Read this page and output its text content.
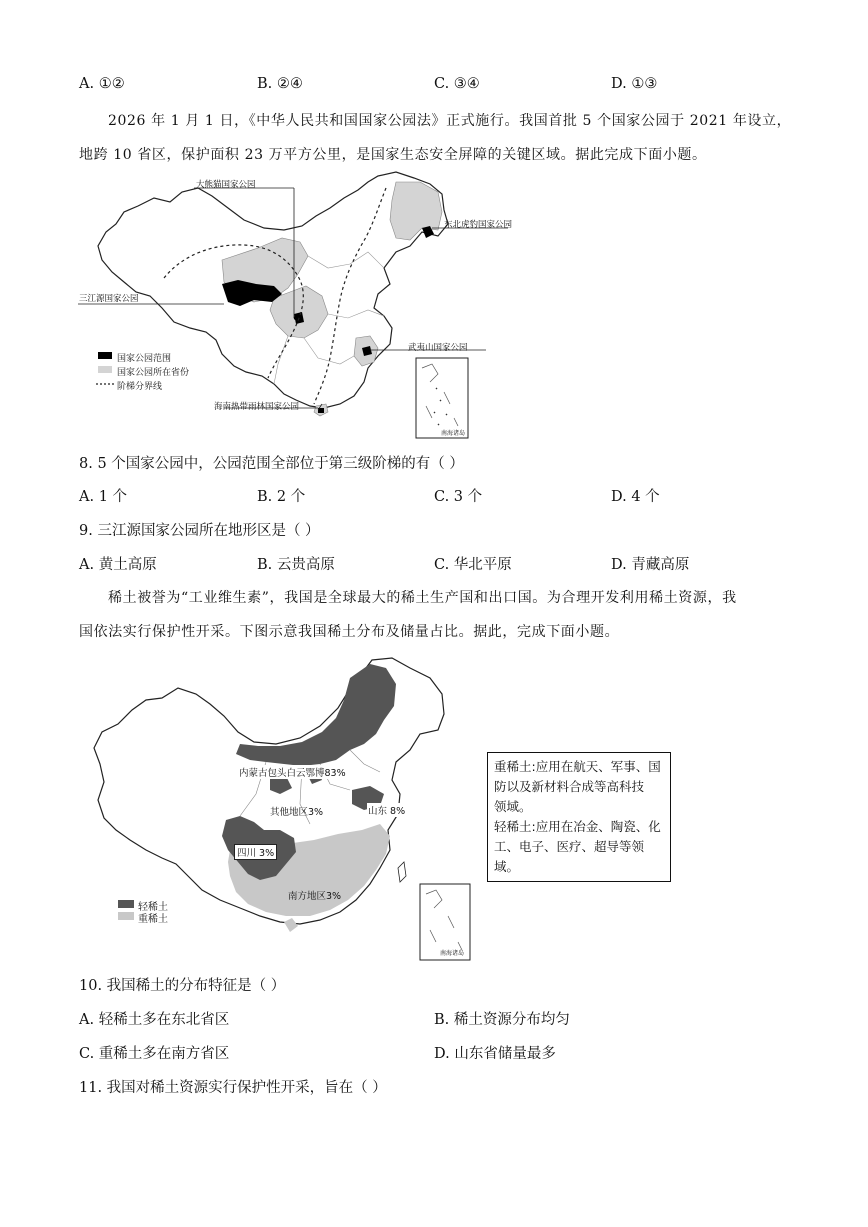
A. ①②	B. ②④	C. ③④	D. ①③
2026 年 1 月 1 日，《中华人民共和国国家公园法》正式施行。我国首批 5 个国家公园于 2021 年设立，
地跨 10 省区，保护面积 23 万平方公里，是国家生态安全屏障的关键区域。据此完成下面小题。
大熊猫国家公园
东北虎豹国家公园
三江源国家公园
武夷山国家公园
海南热带雨林国家公园
南海诸岛
国家公园范围
国家公园所在省份
阶梯分界线
8. 5 个国家公园中，公园范围全部位于第三级阶梯的有（ ）
A. 1 个	B. 2 个	C. 3 个	D. 4 个
9. 三江源国家公园所在地形区是（ ）
A. 黄土高原	B. 云贵高原	C. 华北平原	D. 青藏高原
稀土被誉为“工业维生素”，我国是全球最大的稀土生产国和出口国。为合理开发利用稀土资源，我
国依法实行保护性开采。下图示意我国稀土分布及储量占比。据此，完成下面小题。
内蒙古包头白云鄂博83%
其他地区3%	山东 8%
四川 3%
南方地区3%
南海诸岛
轻稀土
重稀土
重稀土:应用在航天、军事、国
防以及新材料合成等高科技
领域。
轻稀土:应用在冶金、陶瓷、化
工、电子、医疗、超导等领域。
10. 我国稀土的分布特征是（ ）
A. 轻稀土多在东北省区	B. 稀土资源分布均匀
C. 重稀土多在南方省区	D. 山东省储量最多
11. 我国对稀土资源实行保护性开采，旨在（ ）
